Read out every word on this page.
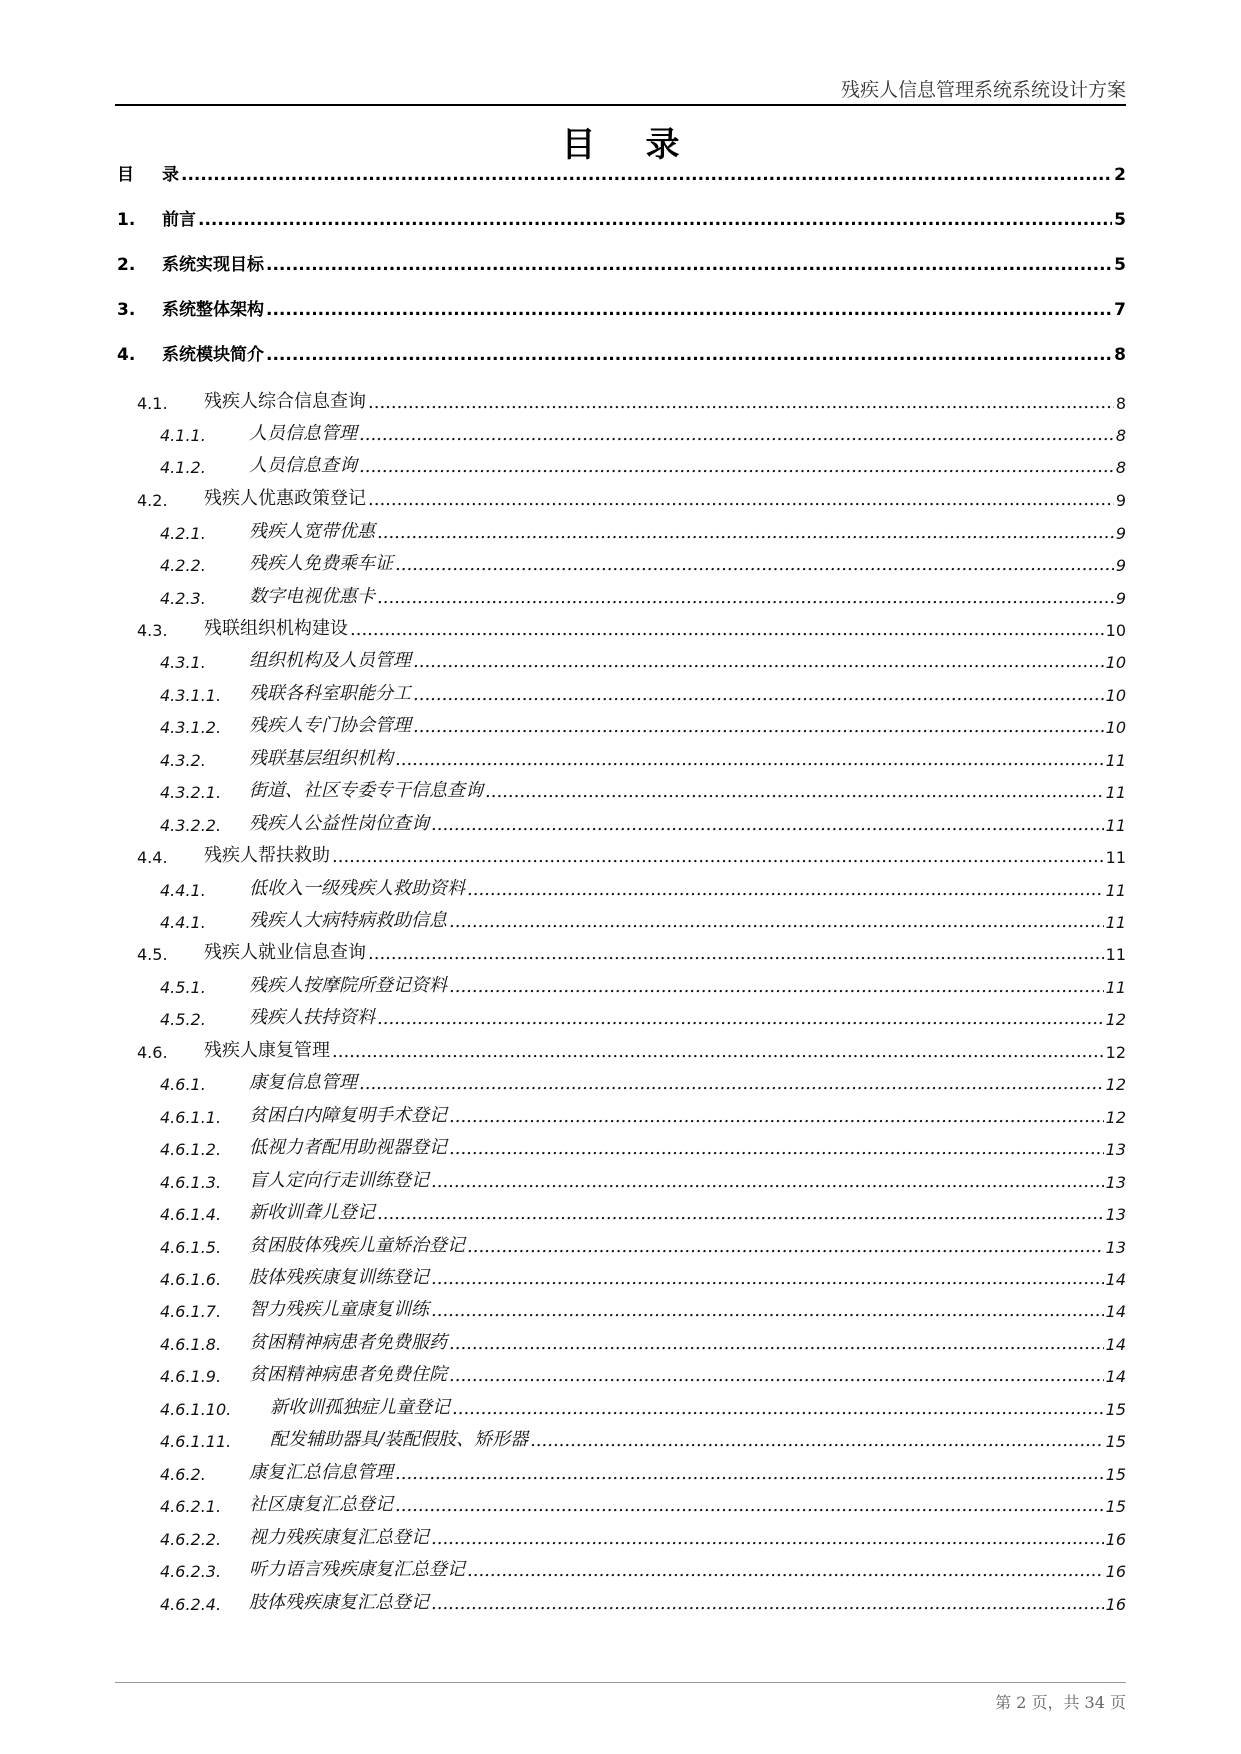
残疾人信息管理系统系统设计方案
目 录
目	录 .....	2
1.	前言 .....	5
2.	系统实现目标 .....	5
3.	系统整体架构 .....	7
4.	系统模块简介 .....	8
4.1.	残疾人综合信息查询 .....	8
4.1.1.	人员信息管理 .....	8
4.1.2.	人员信息查询 .....	8
4.2.	残疾人优惠政策登记 .....	9
4.2.1.	残疾人宽带优惠 .....	9
4.2.2.	残疾人免费乘车证 .....	9
4.2.3.	数字电视优惠卡 .....	9
4.3.	残联组织机构建设 .....	10
4.3.1.	组织机构及人员管理 .....	10
4.3.1.1.	残联各科室职能分工 .....	10
4.3.1.2.	残疾人专门协会管理 .....	10
4.3.2.	残联基层组织机构 .....	11
4.3.2.1.	街道、社区专委专干信息查询 .....	11
4.3.2.2.	残疾人公益性岗位查询 .....	11
4.4.	残疾人帮扶救助 .....	11
4.4.1.	低收入一级残疾人救助资料 .....	11
4.4.1.	残疾人大病特病救助信息 .....	11
4.5.	残疾人就业信息查询 .....	11
4.5.1.	残疾人按摩院所登记资料 .....	11
4.5.2.	残疾人扶持资料 .....	12
4.6.	残疾人康复管理 .....	12
4.6.1.	康复信息管理 .....	12
4.6.1.1.	贫困白内障复明手术登记 .....	12
4.6.1.2.	低视力者配用助视器登记 .....	13
4.6.1.3.	盲人定向行走训练登记 .....	13
4.6.1.4.	新收训聋儿登记 .....	13
4.6.1.5.	贫困肢体残疾儿童矫治登记 .....	13
4.6.1.6.	肢体残疾康复训练登记 .....	14
4.6.1.7.	智力残疾儿童康复训练 .....	14
4.6.1.8.	贫困精神病患者免费服药 .....	14
4.6.1.9.	贫困精神病患者免费住院 .....	14
4.6.1.10.	新收训孤独症儿童登记 .....	15
4.6.1.11.	配发辅助器具/装配假肢、矫形器 .....	15
4.6.2.	康复汇总信息管理 .....	15
4.6.2.1.	社区康复汇总登记 .....	15
4.6.2.2.	视力残疾康复汇总登记 .....	16
4.6.2.3.	听力语言残疾康复汇总登记 .....	16
4.6.2.4.	肢体残疾康复汇总登记 .....	16
第 2 页，共 34 页
